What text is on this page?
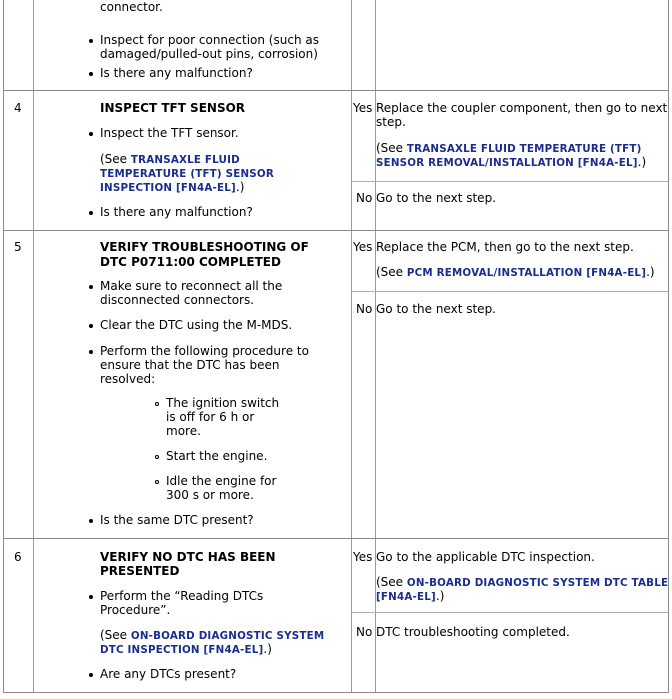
connector.
Inspect for poor connection (such as
damaged/pulled-out pins, corrosion)
Is there any malfunction?
4	INSPECT TFT SENSOR
Inspect the TFT sensor.
(See TRANSAXLE FLUID
TEMPERATURE (TFT) SENSOR
INSPECTION [FN4A-EL].)
Is there any malfunction?
Yes Replace the coupler component, then go to next
step.
(See TRANSAXLE FLUID TEMPERATURE (TFT)
SENSOR REMOVAL/INSTALLATION [FN4A-EL].)
No Go to the next step.
5	VERIFY TROUBLESHOOTING OF
DTC P0711:00 COMPLETED
Make sure to reconnect all the
disconnected connectors.
Clear the DTC using the M-MDS.
Perform the following procedure to
ensure that the DTC has been
resolved:
The ignition switch
is off for 6 h or
more.
Start the engine.
Idle the engine for
300 s or more.
Is the same DTC present?
Yes Replace the PCM, then go to the next step.
(See PCM REMOVAL/INSTALLATION [FN4A-EL].)
No Go to the next step.
6	VERIFY NO DTC HAS BEEN
PRESENTED
Perform the “Reading DTCs
Procedure”.
(See ON-BOARD DIAGNOSTIC SYSTEM
DTC INSPECTION [FN4A-EL].)
Are any DTCs present?
Yes Go to the applicable DTC inspection.
(See ON-BOARD DIAGNOSTIC SYSTEM DTC TABLE
[FN4A-EL].)
No DTC troubleshooting completed.
